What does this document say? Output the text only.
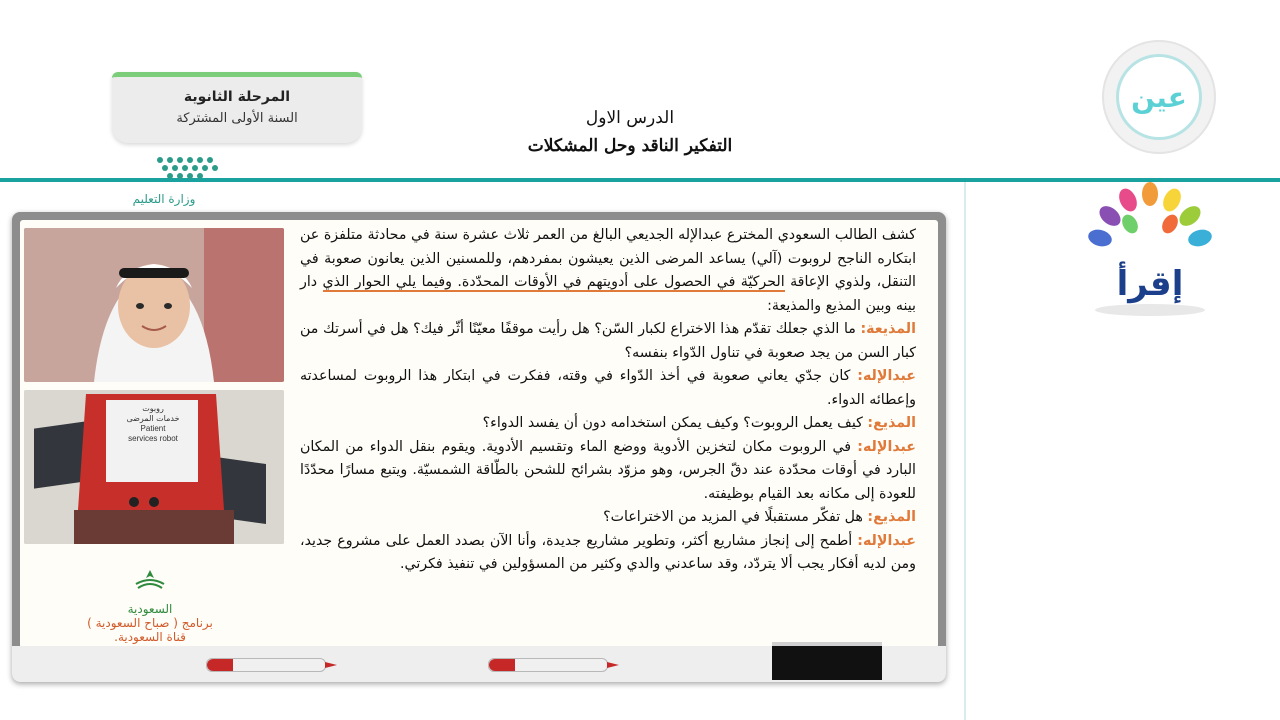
المرحلة الثانوية
السنة الأولى المشتركة
وزارة التعليم
الدرس الاول
التفكير الناقد وحل المشكلات
عين
إقرأ
روبوت
خدمات المرضى
Patient
services robot
السعودية
برنامج ( صباح السعودية )
قناة السعودية.

كشف الطالب السعودي المخترع عبدالإله الجديعي البالغ من العمر ثلاث عشرة سنة في محادثة متلفزة عن ابتكاره الناجح لروبوت (آلي) يساعد المرضى الذين يعيشون بمفردهم، وللمسنين الذين يعانون صعوبة في التنقل، ولذوي الإعاقة الحركيّة في الحصول على أدويتهم في الأوقات المحدّدة. وفيما يلي الحوار الذي دار بينه وبين المذيع والمذيعة:

المذيعة: ما الذي جعلك تقدّم هذا الاختراع لكبار السّن؟ هل رأيت موقفًا معيّنًا أثّر فيك؟ هل في أسرتك من كبار السن من يجد صعوبة في تناول الدّواء بنفسه؟

عبدالإله: كان جدّي يعاني صعوبة في أخذ الدّواء في وقته، ففكرت في ابتكار هذا الروبوت لمساعدته وإعطائه الدواء.

المذيع: كيف يعمل الروبوت؟ وكيف يمكن استخدامه دون أن يفسد الدواء؟

عبدالإله: في الروبوت مكان لتخزين الأدوية ووضع الماء وتقسيم الأدوية. ويقوم بنقل الدواء من المكان البارد في أوقات محدّدة عند دقّ الجرس، وهو مزوّد بشرائح للشحن بالطّاقة الشمسيّة. ويتبع مسارًا محدّدًا للعودة إلى مكانه بعد القيام بوظيفته.

المذيع: هل تفكّر مستقبلًا في المزيد من الاختراعات؟

عبدالإله: أطمح إلى إنجاز مشاريع أكثر، وتطوير مشاريع جديدة، وأنا الآن بصدد العمل على مشروع جديد، ومن لديه أفكار يجب ألا يتردّد، وقد ساعدني والدي وكثير من المسؤولين في تنفيذ فكرتي.
